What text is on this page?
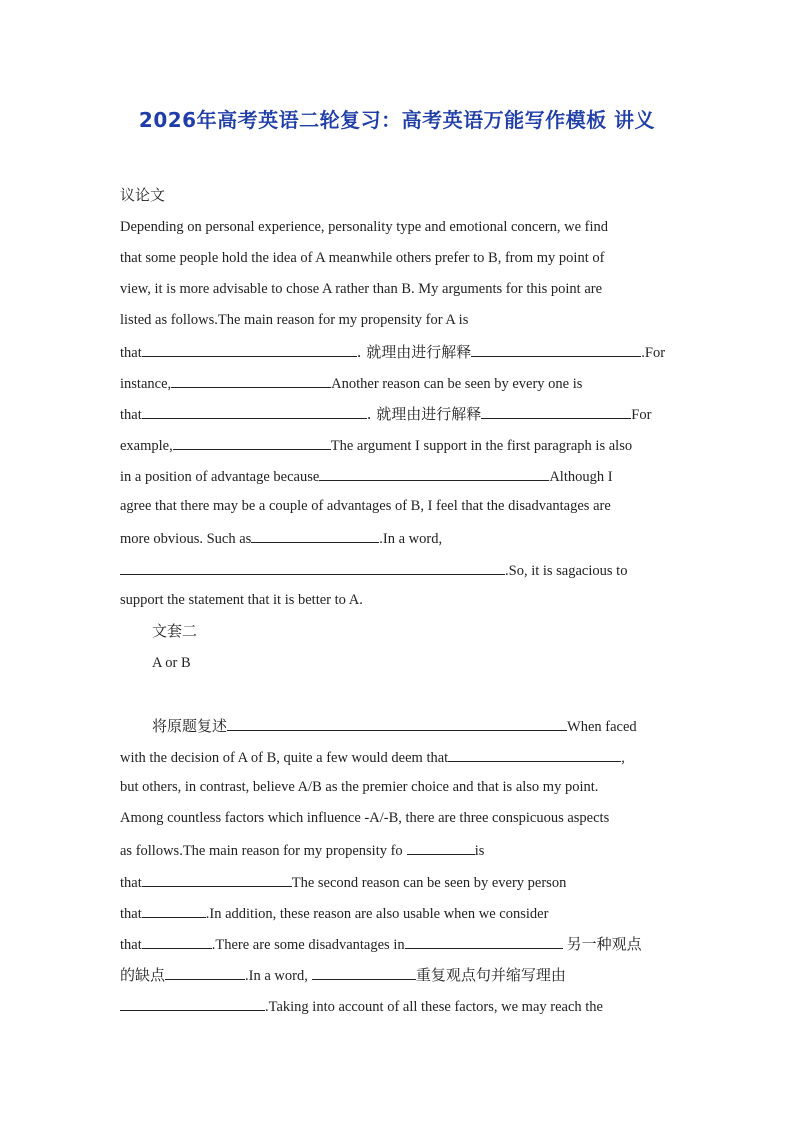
2026年高考英语二轮复习：高考英语万能写作模板 讲义
议论文
Depending on personal experience, personality type and emotional concern, we find
that some people hold the idea of A meanwhile others prefer to B, from my point of
view, it is more advisable to chose A rather than B. My arguments for this point are
listed as follows.The main reason for my propensity for A is
that	. 就理由进行解释	.For
instance,	Another reason can be seen by every one is
that	. 就理由进行解释	For
example,	The argument I support in the first paragraph is also
in a position of advantage because	Although I
agree that there may be a couple of advantages of B, I feel that the disadvantages are
more obvious. Such as	.In a word,
.So, it is sagacious to
support the statement that it is better to A.
文套二
A or B
将原题复述	When faced
with the decision of A of B, quite a few would deem that	,
but others, in contrast, believe A/B as the premier choice and that is also my point.
Among countless factors which influence -A/-B, there are three conspicuous aspects
as follows.The main reason for my propensity fo	is
that	The second reason can be seen by every person
that	.In addition, these reason are also usable when we consider
that	.There are some disadvantages in	另一种观点
的缺点	.In a word,	重复观点句并缩写理由
.Taking into account of all these factors, we may reach the
